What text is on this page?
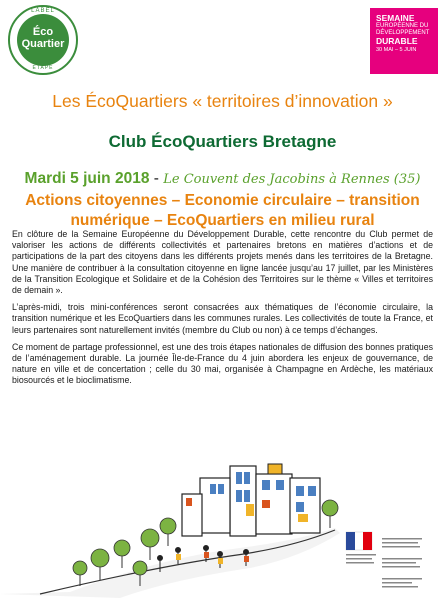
LABEL
Éco
Quartier
ÉTAPE
SEMAINE
EUROPÉENNE DU DÉVELOPPEMENT
DURABLE
30 MAI – 5 JUIN
Les ÉcoQuartiers « territoires d’innovation »
Club ÉcoQuartiers Bretagne
Mardi 5 juin 2018 - Le Couvent des Jacobins à Rennes (35)
Actions citoyennes – Economie circulaire – transition numérique – EcoQuartiers en milieu rural

En clôture de la Semaine Européenne du Développement Durable, cette rencontre du Club permet de valoriser les actions de différents collectivités et partenaires bretons en matières d’actions et de participations de la part des citoyens dans les différents projets menés dans les territoires de la Bretagne. Une manière de contribuer à la consultation citoyenne en ligne lancée jusqu’au 17 juillet, par les Ministères de la Transition Ecologique et Solidaire et de la Cohésion des Territoires sur le thème « Villes et territoires de demain ».

L’après-midi, trois mini-conférences seront consacrées aux thématiques de l’économie circulaire, la transition numérique et les EcoQuartiers dans les communes rurales. Les collectivités de toute la France, et leurs partenaires sont naturellement invités (membre du Club ou non) à ce temps d’échanges.

Ce moment de partage professionnel, est une des trois étapes nationales de diffusion des bonnes pratiques de l’aménagement durable. La journée Île-de-France du 4 juin abordera les enjeux de gouvernance, de nature en ville et de concertation ; celle du 30 mai, organisée à Champagne en Ardèche, les matériaux biosourcés et le bioclimatisme.
